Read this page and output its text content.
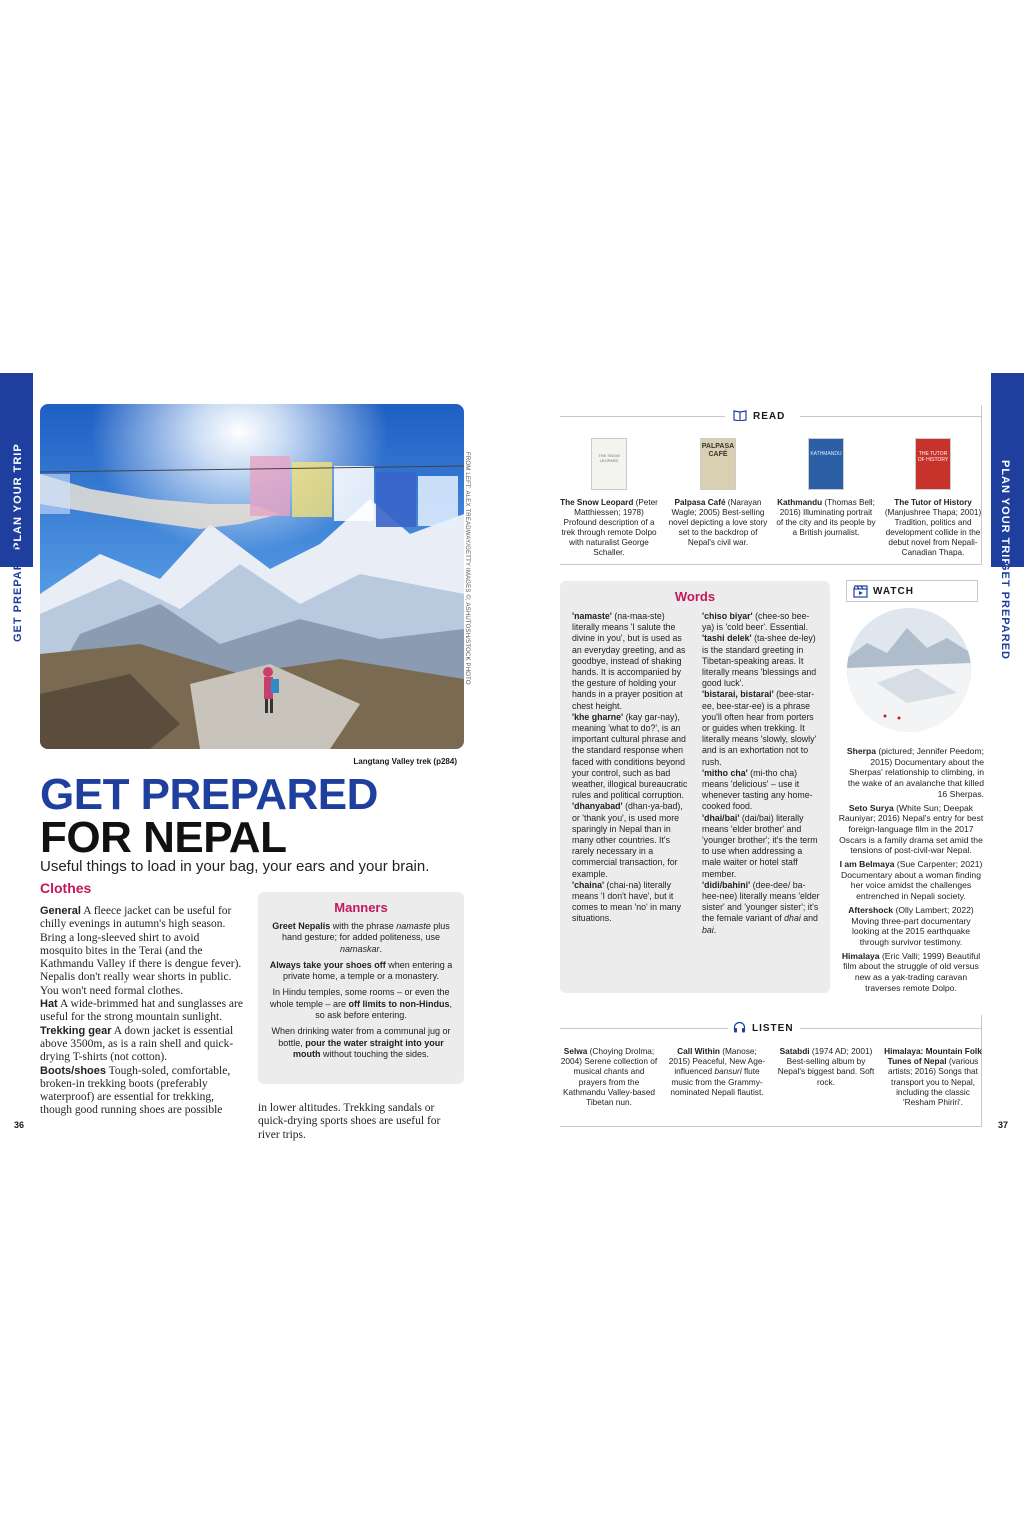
PLAN YOUR TRIP
GET PREPARED
PLAN YOUR TRIP
GET PREPARED
FROM LEFT: ALEX TREADWAY/GETTY IMAGES ©; ASHUTOSH/STOCK PHOTO
Langtang Valley trek (p284)
GET PREPARED
FOR NEPAL
Useful things to load in your bag, your ears and your brain.
Clothes
General A fleece jacket can be useful for chilly evenings in autumn's high season. Bring a long-sleeved shirt to avoid mosquito bites in the Terai (and the Kathmandu Valley if there is dengue fever). Nepalis don't really wear shorts in public. You won't need formal clothes.
Hat A wide-brimmed hat and sunglasses are useful for the strong mountain sunlight.
Trekking gear A down jacket is essential above 3500m, as is a rain shell and quick-drying T-shirts (not cotton).
Boots/shoes Tough-soled, comfortable, broken-in trekking boots (preferably waterproof) are essential for trekking, though good running shoes are possible	in lower altitudes. Trekking sandals or quick-drying sports shoes are useful for river trips.
Manners

Greet Nepalis with the phrase namaste plus hand gesture; for added politeness, use namaskar.

Always take your shoes off when entering a private home, a temple or a monastery.

In Hindu temples, some rooms – or even the whole temple – are off limits to non-Hindus, so ask before entering.

When drinking water from a communal jug or bottle, pour the water straight into your mouth without touching the sides.

36	37
READ
THE SNOW LEOPARD
The Snow Leopard (Peter Matthiessen; 1978) Profound description of a trek through remote Dolpo with naturalist George Schaller.
PALPASA CAFÉ
Palpasa Café (Narayan Wagle; 2005) Best-selling novel depicting a love story set to the backdrop of Nepal's civil war.
KATHMANDU
Kathmandu (Thomas Bell; 2016) Illuminating portrait of the city and its people by a British journalist.
THE TUTOR OF HISTORY
The Tutor of History (Manjushree Thapa; 2001) Tradition, politics and development collide in the debut novel from Nepali-Canadian Thapa.
Words
'namaste' (na-maa-ste) literally means 'I salute the divine in you', but is used as an everyday greeting, and as goodbye, instead of shaking hands. It is accompanied by the gesture of holding your hands in a prayer position at chest height.
'khe gharne' (kay gar-nay), meaning 'what to do?', is an important cultural phrase and the standard response when faced with conditions beyond your control, such as bad weather, illogical bureaucratic rules and political corruption.
'dhanyabad' (dhan-ya-bad), or 'thank you', is used more sparingly in Nepal than in many other countries. It's rarely necessary in a commercial transaction, for example.
'chaina' (chai-na) literally means 'I don't have', but it comes to mean 'no' in many situations.
'chiso biyar' (chee-so bee-ya) is 'cold beer'. Essential.
'tashi delek' (ta-shee de-ley) is the standard greeting in Tibetan-speaking areas. It literally means 'blessings and good luck'.
'bistarai, bistarai' (bee-star-ee, bee-star-ee) is a phrase you'll often hear from porters or guides when trekking. It literally means 'slowly, slowly' and is an exhortation not to rush.
'mitho cha' (mi-tho cha) means 'delicious' – use it whenever tasting any home-cooked food.
'dhai/bai' (dai/bai) literally means 'elder brother' and 'younger brother'; it's the term to use when addressing a male waiter or hotel staff member.
'didi/bahini' (dee-dee/ ba-hee-nee) literally means 'elder sister' and 'younger sister'; it's the female variant of dhai and bai.
WATCH

Sherpa (pictured; Jennifer Peedom; 2015) Documentary about the Sherpas' relationship to climbing, in the wake of an avalanche that killed 16 Sherpas.

Seto Surya (White Sun; Deepak Rauniyar; 2016) Nepal's entry for best foreign-language film in the 2017 Oscars is a family drama set amid the tensions of post-civil-war Nepal.

I am Belmaya (Sue Carpenter; 2021) Documentary about a woman finding her voice amidst the challenges entrenched in Nepali society.

Aftershock (Olly Lambert; 2022) Moving three-part documentary looking at the 2015 earthquake through survivor testimony.

Himalaya (Eric Valli; 1999) Beautiful film about the struggle of old versus new as a yak-trading caravan traverses remote Dolpo.

LISTEN
Selwa (Choying Drolma; 2004) Serene collection of musical chants and prayers from the Kathmandu Valley-based Tibetan nun.
Call Within (Manose; 2015) Peaceful, New Age-influenced bansuri flute music from the Grammy-nominated Nepali flautist.
Satabdi (1974 AD; 2001) Best-selling album by Nepal's biggest band. Soft rock.
Himalaya: Mountain Folk Tunes of Nepal (various artists; 2016) Songs that transport you to Nepal, including the classic 'Resham Phiriri'.
